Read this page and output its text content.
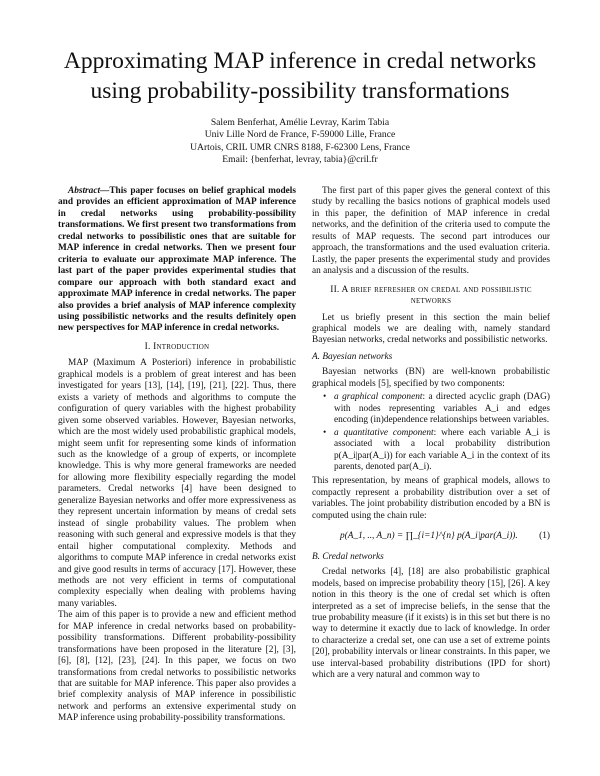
Approximating MAP inference in credal networks
using probability-possibility transformations
Salem Benferhat, Amélie Levray, Karim Tabia
Univ Lille Nord de France, F-59000 Lille, France
UArtois, CRIL UMR CNRS 8188, F-62300 Lens, France
Email: {benferhat, levray, tabia}@cril.fr

Abstract—This paper focuses on belief graphical models and provides an efficient approximation of MAP inference in credal networks using probability-possibility transformations. We first present two transformations from credal networks to possibilistic ones that are suitable for MAP inference in credal networks. Then we present four criteria to evaluate our approximate MAP inference. The last part of the paper provides experimental studies that compare our approach with both standard exact and approximate MAP inference in credal networks. The paper also provides a brief analysis of MAP inference complexity using possibilistic networks and the results definitely open new perspectives for MAP inference in credal networks.

I. Introduction

MAP (Maximum A Posteriori) inference in probabilistic graphical models is a problem of great interest and has been investigated for years [13], [14], [19], [21], [22]. Thus, there exists a variety of methods and algorithms to compute the configuration of query variables with the highest probability given some observed variables. However, Bayesian networks, which are the most widely used probabilistic graphical models, might seem unfit for representing some kinds of information such as the knowledge of a group of experts, or incomplete knowledge. This is why more general frameworks are needed for allowing more flexibility especially regarding the model parameters. Credal networks [4] have been designed to generalize Bayesian networks and offer more expressiveness as they represent uncertain information by means of credal sets instead of single probability values. The problem when reasoning with such general and expressive models is that they entail higher computational complexity. Methods and algorithms to compute MAP inference in credal networks exist and give good results in terms of accuracy [17]. However, these methods are not very efficient in terms of computational complexity especially when dealing with problems having many variables.

The aim of this paper is to provide a new and efficient method for MAP inference in credal networks based on probability-possibility transformations. Different probability-possibility transformations have been proposed in the literature [2], [3], [6], [8], [12], [23], [24]. In this paper, we focus on two transformations from credal networks to possibilistic networks that are suitable for MAP inference. This paper also provides a brief complexity analysis of MAP inference in possibilistic network and performs an extensive experimental study on MAP inference using probability-possibility transformations.

The first part of this paper gives the general context of this study by recalling the basics notions of graphical models used in this paper, the definition of MAP inference in credal networks, and the definition of the criteria used to compute the results of MAP requests. The second part introduces our approach, the transformations and the used evaluation criteria. Lastly, the paper presents the experimental study and provides an analysis and a discussion of the results.

II. A brief refresher on credal and possibilistic
networks

Let us briefly present in this section the main belief graphical models we are dealing with, namely standard Bayesian networks, credal networks and possibilistic networks.

A. Bayesian networks

Bayesian networks (BN) are well-known probabilistic graphical models [5], specified by two components:

• a graphical component: a directed acyclic graph (DAG) with nodes representing variables A_i and edges encoding (in)dependence relationships between variables.
• a quantitative component: where each variable A_i is associated with a local probability distribution p(A_i|par(A_i)) for each variable A_i in the context of its parents, denoted par(A_i).

This representation, by means of graphical models, allows to compactly represent a probability distribution over a set of variables. The joint probability distribution encoded by a BN is computed using the chain rule:

p(A_1, .., A_n) = ∏_{i=1}^{n} p(A_i|par(A_i)). (1)
B. Credal networks

Credal networks [4], [18] are also probabilistic graphical models, based on imprecise probability theory [15], [26]. A key notion in this theory is the one of credal set which is often interpreted as a set of imprecise beliefs, in the sense that the true probability measure (if it exists) is in this set but there is no way to determine it exactly due to lack of knowledge. In order to characterize a credal set, one can use a set of extreme points [20], probability intervals or linear constraints. In this paper, we use interval-based probability distributions (IPD for short) which are a very natural and common way to
